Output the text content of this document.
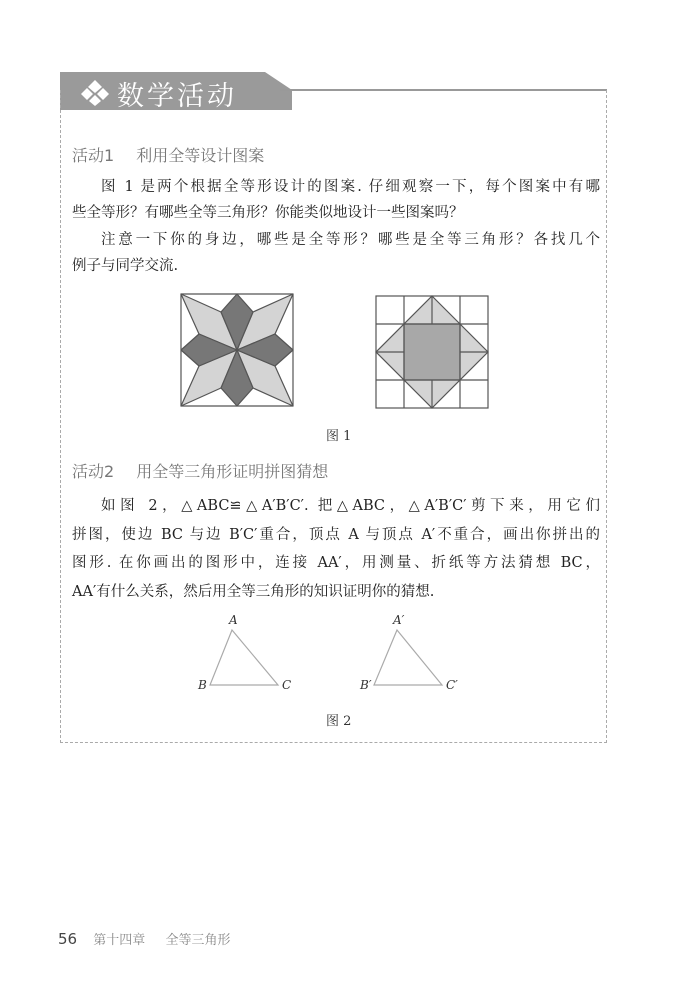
数学活动
活动1 利用全等设计图案
图 1 是两个根据全等形设计的图案. 仔细观察一下，每个图案中有哪
些全等形？有哪些全等三角形？你能类似地设计一些图案吗？
注意一下你的身边，哪些是全等形？哪些是全等三角形？各找几个
例子与同学交流.
图 1
活动2 用全等三角形证明拼图猜想
如图 2，△ABC≌△A′B′C′. 把△ABC，△A′B′C′剪下来，用它们
拼图，使边 BC 与边 B′C′重合，顶点 A 与顶点 A′不重合，画出你拼出的
图形. 在你画出的图形中，连接 AA′，用测量、折纸等方法猜想 BC，
AA′有什么关系，然后用全等三角形的知识证明你的猜想.
A
B	C
A′
B′	C′
图 2
56 第十四章 全等三角形
